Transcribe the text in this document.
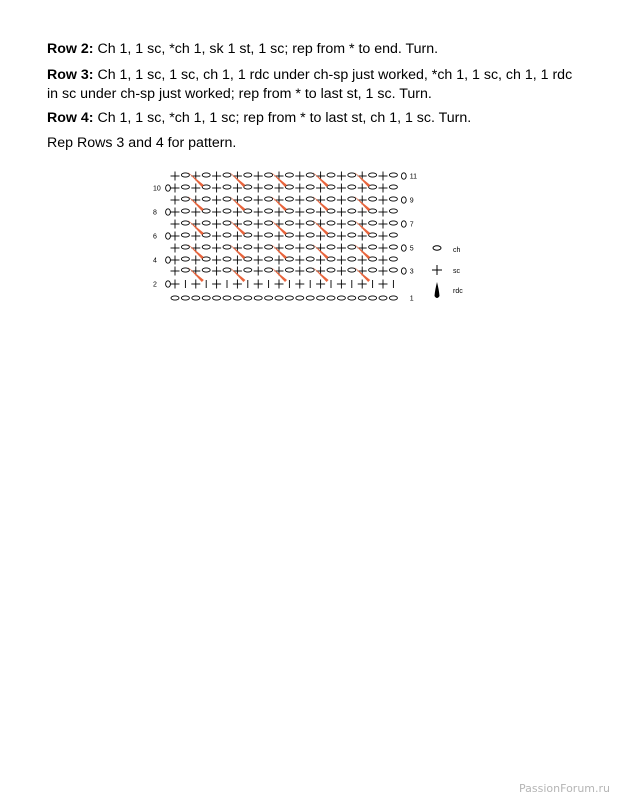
Row 2: Ch 1, 1 sc, *ch 1, sk 1 st, 1 sc; rep from * to end. Turn.

Row 3: Ch 1, 1 sc, 1 sc, ch 1, 1 rdc under ch-sp just worked, *ch 1, 1 sc, ch 1, 1 rdc in sc under ch-sp just worked; rep from * to last st, 1 sc. Turn.

Row 4: Ch 1, 1 sc, *ch 1, 1 sc; rep from * to last st, ch 1, 1 sc. Turn.

Rep Rows 3 and 4 for pattern.

10
8
6
4
2
11
9
7
5
3
1
ch
sc
rdc
PassionForum.ru
